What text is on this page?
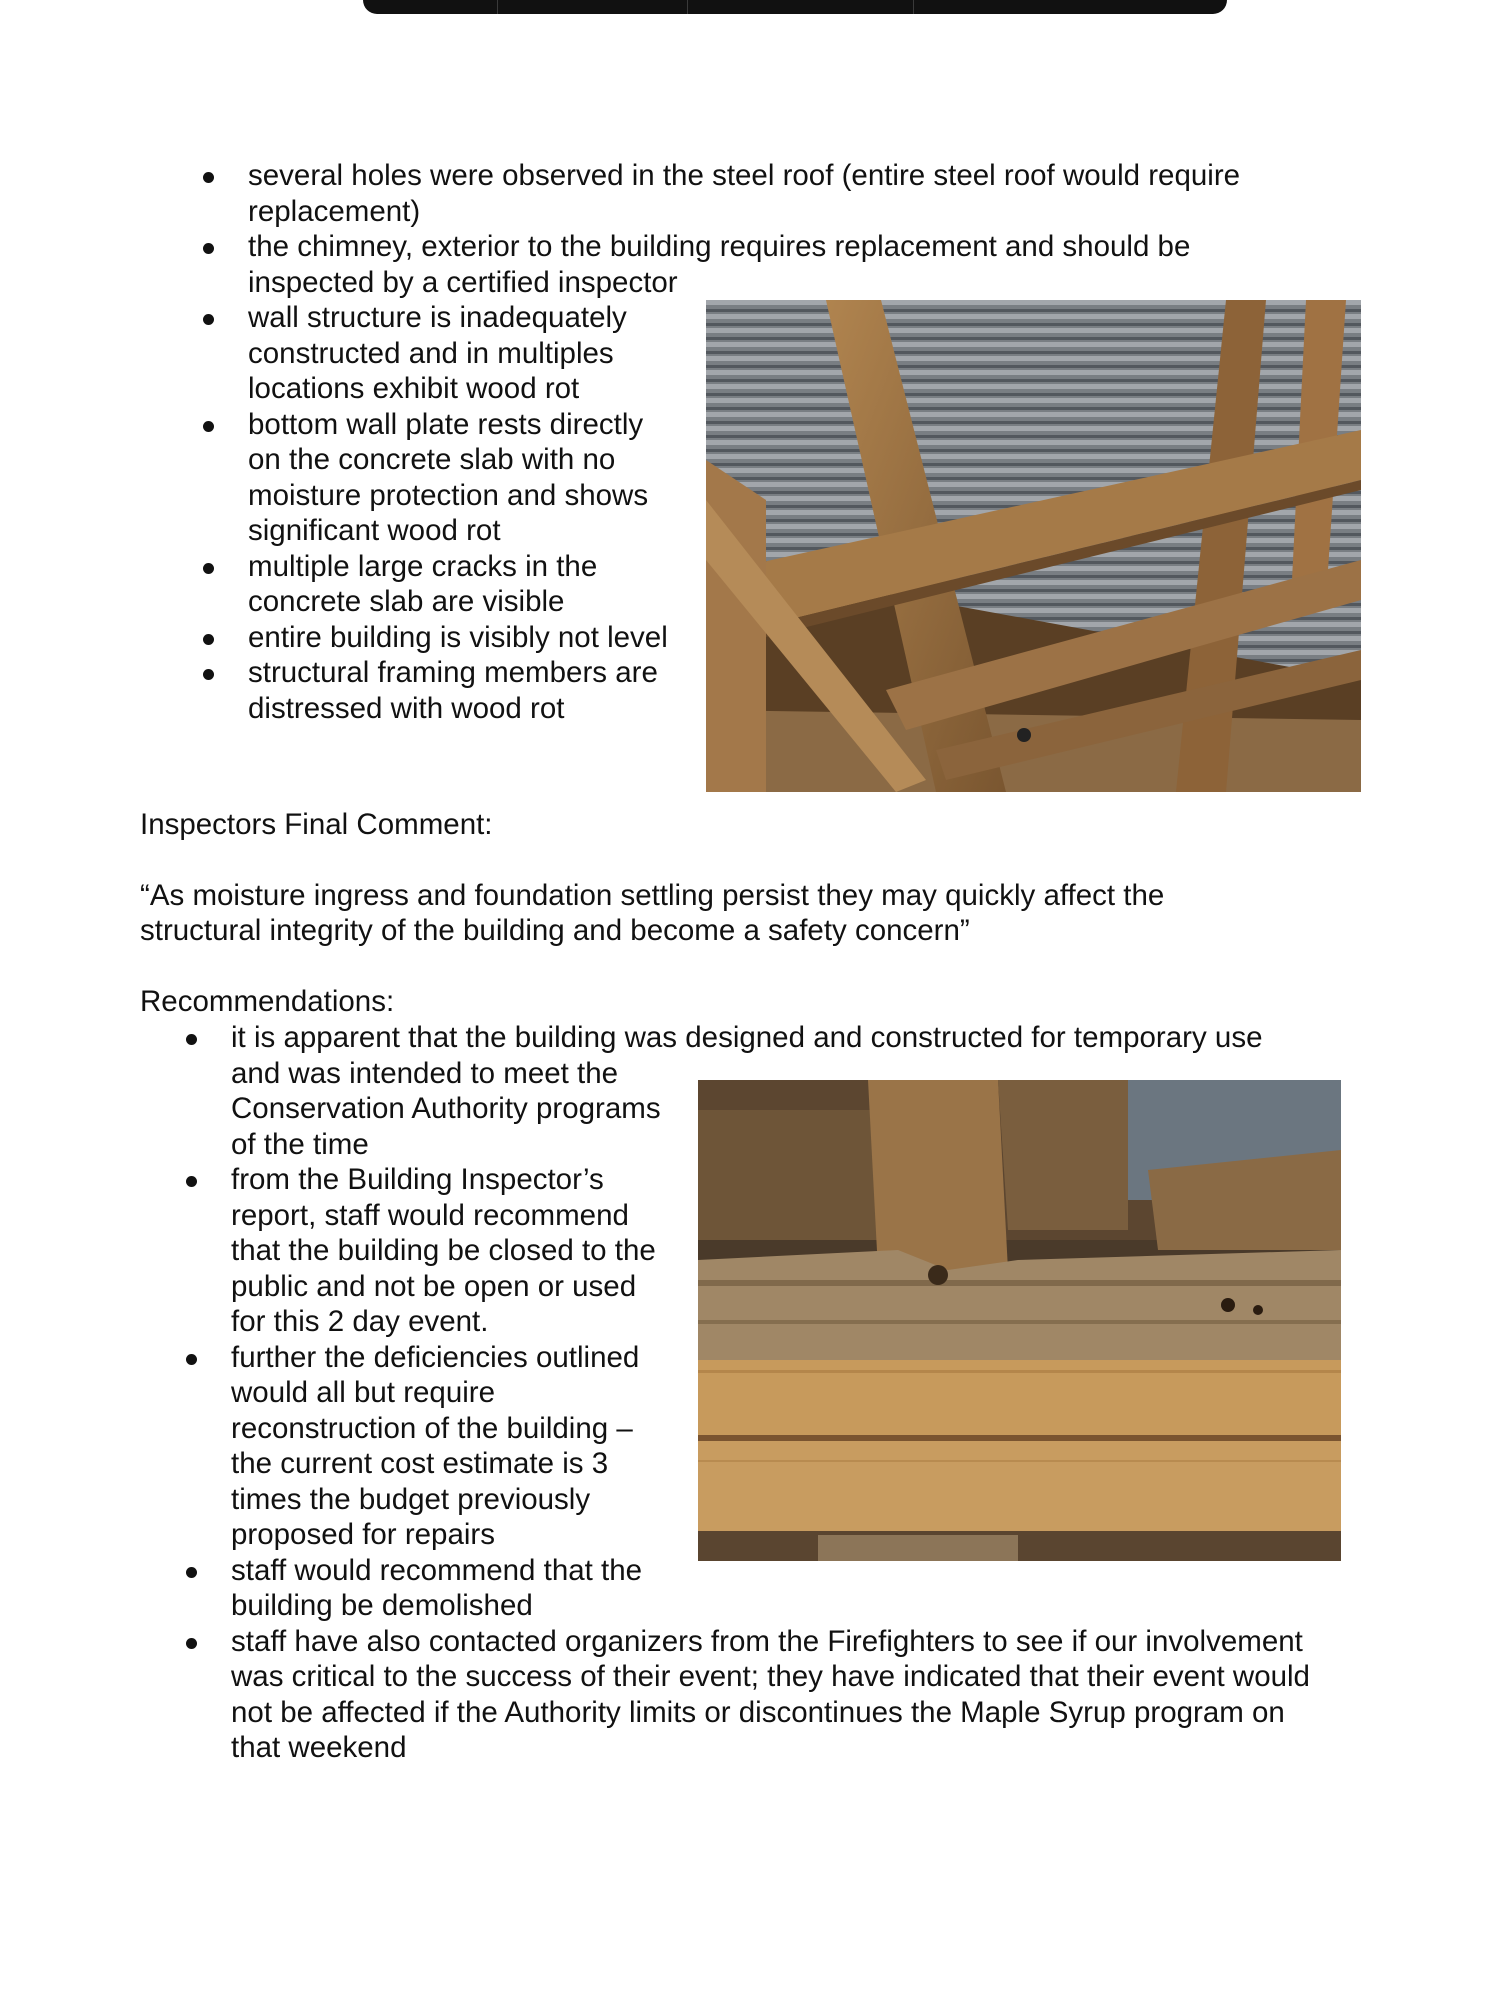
several holes were observed in the steel roof (entire steel roof would require replacement)
the chimney, exterior to the building requires replacement and should be inspected by a certified inspector
wall structure is inadequately constructed and in multiples locations exhibit wood rot
bottom wall plate rests directly on the concrete slab with no moisture protection and shows significant wood rot
multiple large cracks in the concrete slab are visible
entire building is visibly not level
structural framing members are distressed with wood rot

Inspectors Final Comment:

“As moisture ingress and foundation settling persist they may quickly affect the

structural integrity of the building and become a safety concern”

Recommendations:

it is apparent that the building was designed and constructed for temporary use
and was intended to meet the Conservation Authority programs of the time
from the Building Inspector’s report, staff would recommend that the building be closed to the public and not be open or used for this 2 day event.
further the deficiencies outlined would all but require reconstruction of the building – the current cost estimate is 3 times the budget previously proposed for repairs
staff would recommend that the building be demolished
staff have also contacted organizers from the Firefighters to see if our involvement was critical to the success of their event; they have indicated that their event would not be affected if the Authority limits or discontinues the Maple Syrup program on that weekend
